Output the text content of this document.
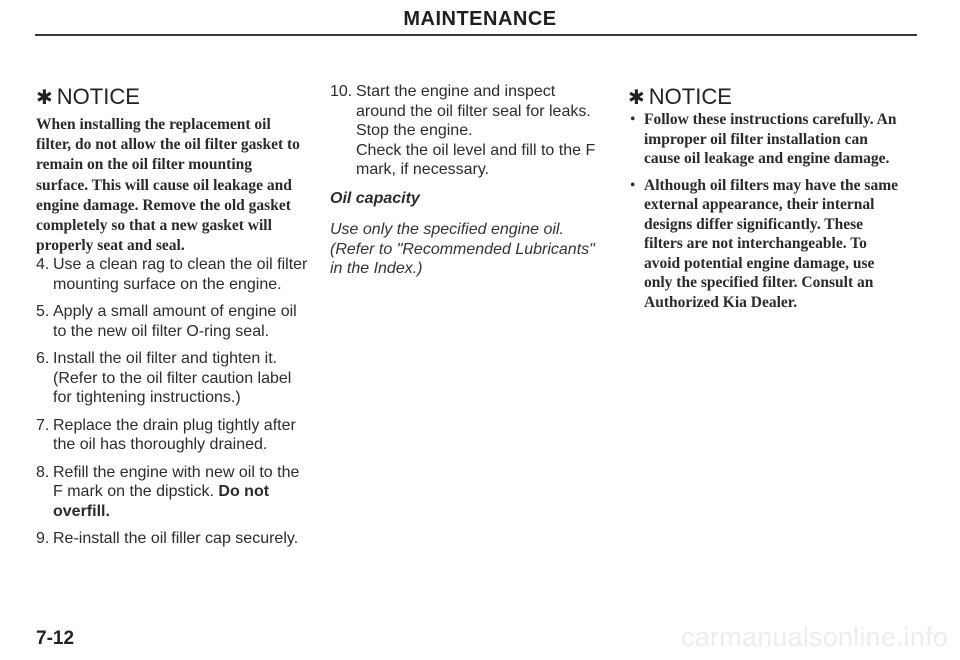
MAINTENANCE
✱ NOTICE
When installing the replacement oil
filter, do not allow the oil filter gasket to
remain on the oil filter mounting
surface. This will cause oil leakage and
engine damage. Remove the old gasket
completely so that a new gasket will
properly seat and seal.
4. Use a clean rag to clean the oil filter
mounting surface on the engine.
5. Apply a small amount of engine oil
to the new oil filter O-ring seal.
6. Install the oil filter and tighten it.
(Refer to the oil filter caution label
for tightening instructions.)
7. Replace the drain plug tightly after
the oil has thoroughly drained.
8. Refill the engine with new oil to the
F mark on the dipstick. Do not
overfill.
9. Re-install the oil filler cap securely.
10. Start the engine and inspect
around the oil filter seal for leaks.
Stop the engine.
Check the oil level and fill to the F
mark, if necessary.
Oil capacity
Use only the specified engine oil.
(Refer to "Recommended Lubricants"
in the Index.)
✱ NOTICE
• Follow these instructions carefully. An
improper oil filter installation can
cause oil leakage and engine damage.
• Although oil filters may have the same
external appearance, their internal
designs differ significantly. These
filters are not interchangeable. To
avoid potential engine damage, use
only the specified filter. Consult an
Authorized Kia Dealer.
7-12	carmanualsonline.info
